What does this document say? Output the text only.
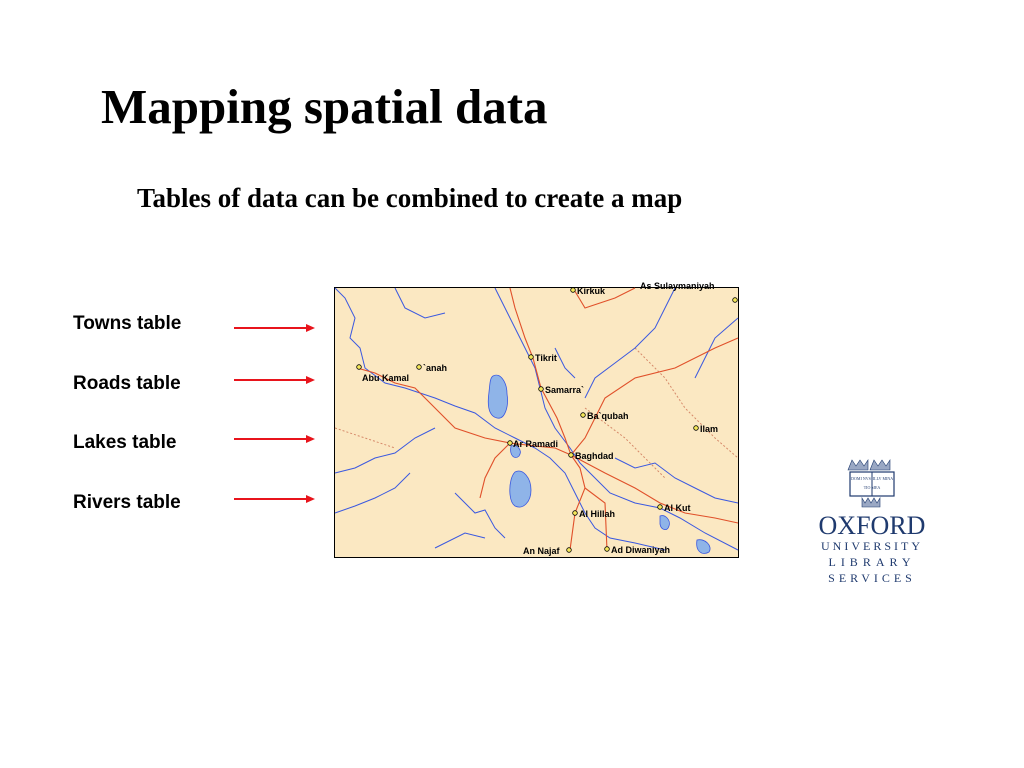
Mapping spatial data
Tables of data can be combined to create a map
Towns table
Roads table
Lakes table
Rivers table
Kirkuk	As Sulaymaniyah
Tikrit
Abu Kamal
`anah
Samarra`
Ba`qubah
Ilam
Ar Ramadi
Baghdad
Al Kut
Al Hillah
An Najaf	Ad Diwaniyah
DOMI NVS ILLV MINA
TIO MEA
OXFORD
UNIVERSITY
LIBRARY
SERVICES
